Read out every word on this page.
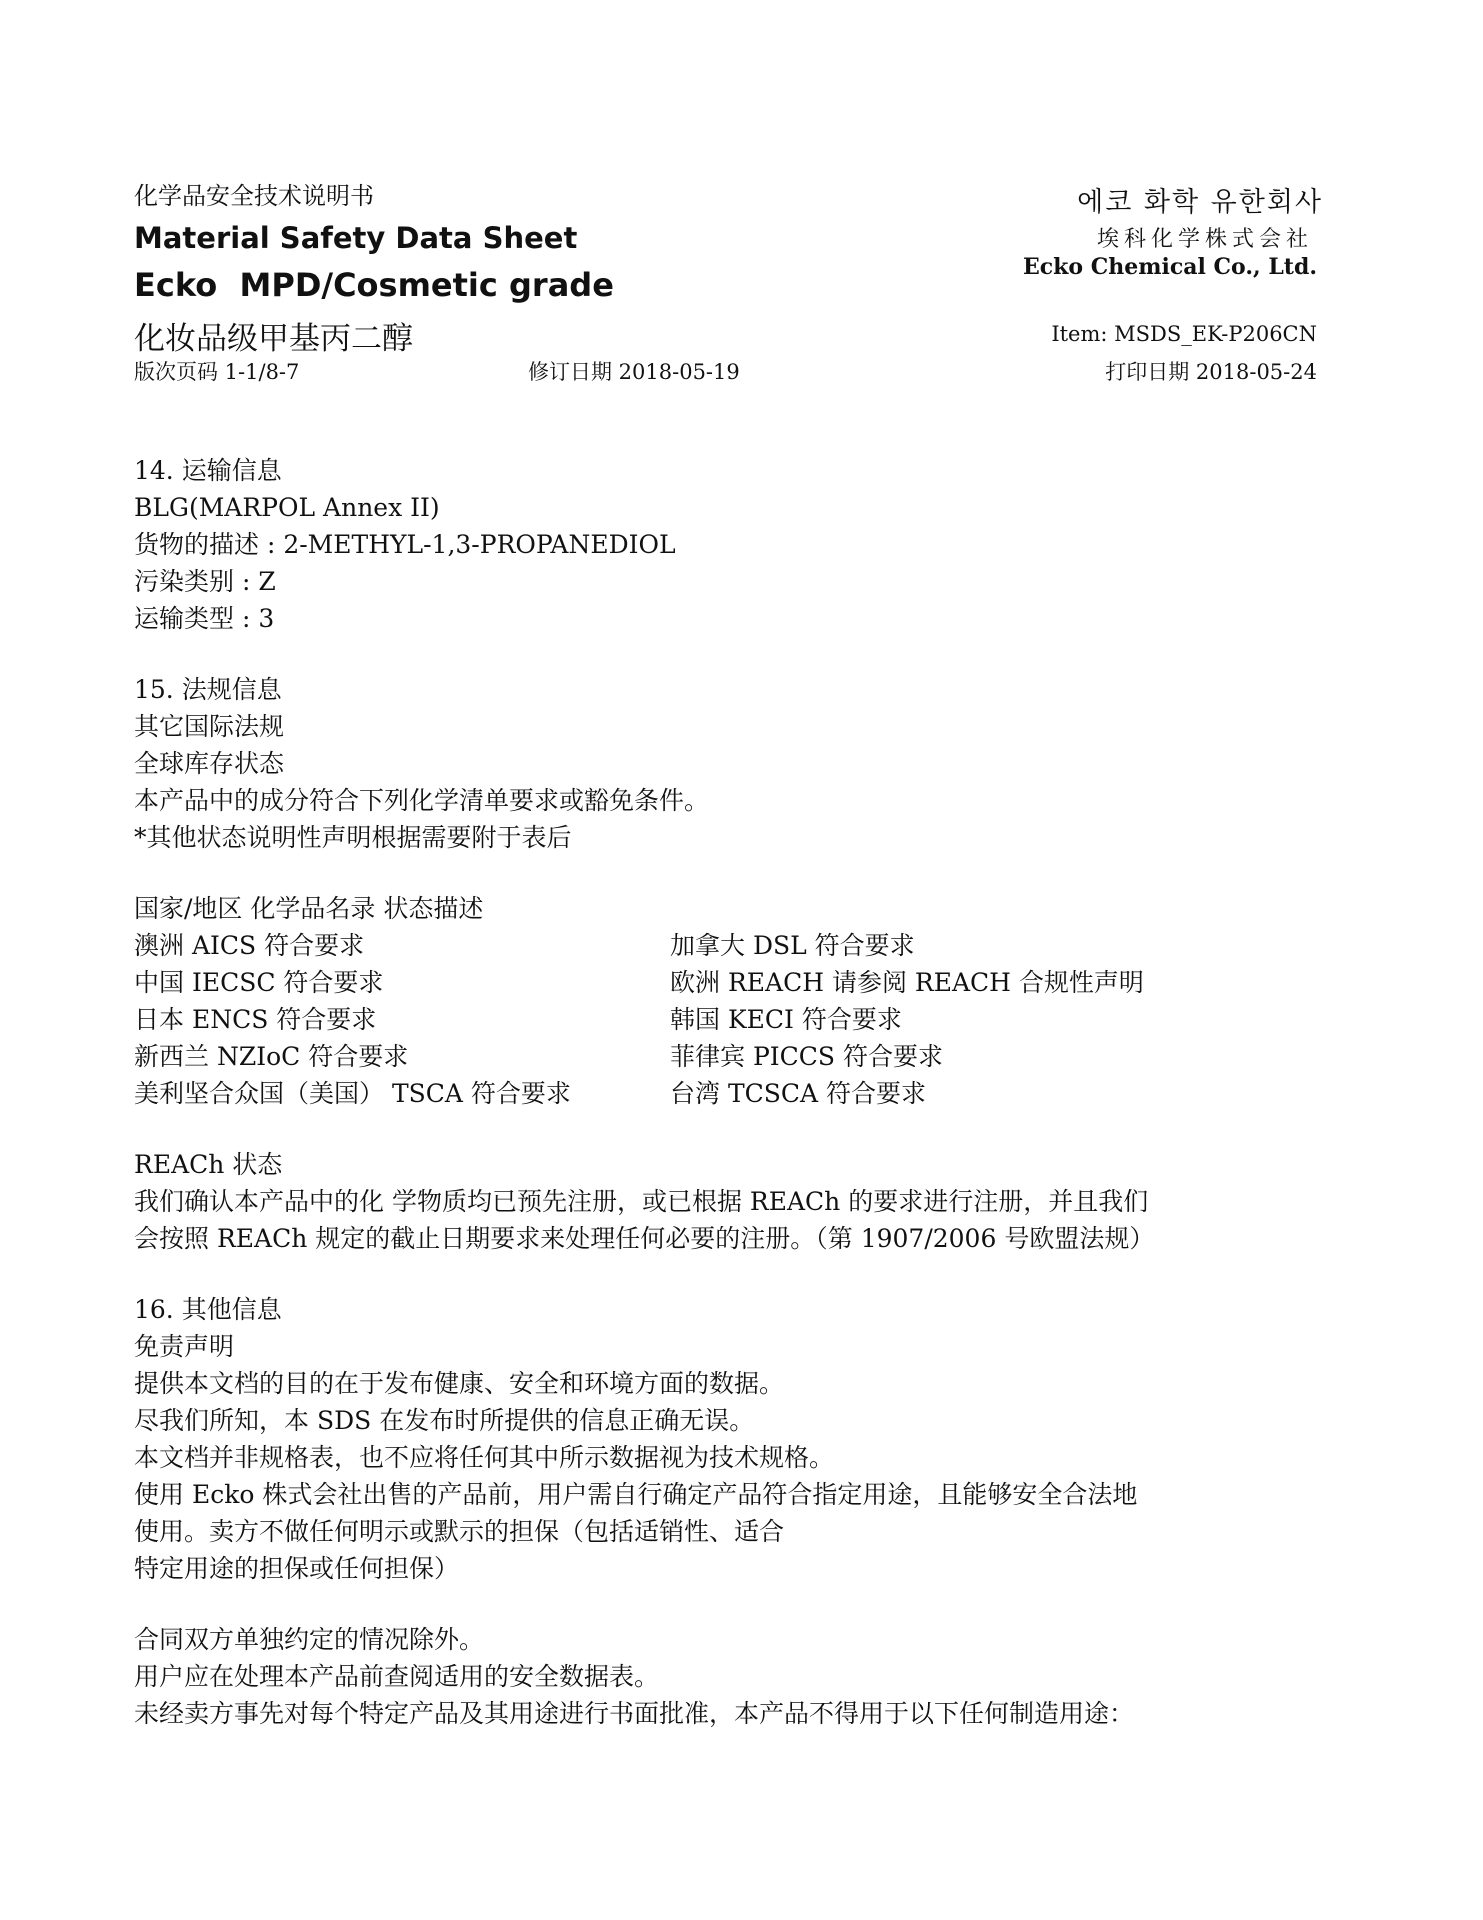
化学品安全技术说明书
Material Safety Data Sheet
Ecko  MPD/Cosmetic grade
化妆品级甲基丙二醇
版次页码 1-1/8-7	修订日期 2018-05-19	打印日期 2018-05-24
에코 화학 유한회사
埃科化学株式会社
Ecko Chemical Co., Ltd.
Item: MSDS_EK-P206CN
14. 运输信息
BLG(MARPOL Annex II)
货物的描述 : 2-METHYL-1,3-PROPANEDIOL
污染类别 : Z
运输类型 : 3
15. 法规信息
其它国际法规
全球库存状态
本产品中的成分符合下列化学清单要求或豁免条件。
*其他状态说明性声明根据需要附于表后
国家/地区 化学品名录 状态描述
澳洲 AICS 符合要求
中国 IECSC 符合要求
日本 ENCS 符合要求
新西兰 NZIoC 符合要求
美利坚合众国（美国） TSCA 符合要求
加拿大 DSL 符合要求
欧洲 REACH 请参阅 REACH 合规性声明
韩国 KECI 符合要求
菲律宾 PICCS 符合要求
台湾 TCSCA 符合要求
REACh 状态
我们确认本产品中的化 学物质均已预先注册，或已根据 REACh 的要求进行注册，并且我们
会按照 REACh 规定的截止日期要求来处理任何必要的注册。（第 1907/2006 号欧盟法规）
16. 其他信息
免责声明
提供本文档的目的在于发布健康、安全和环境方面的数据。
尽我们所知，本 SDS 在发布时所提供的信息正确无误。
本文档并非规格表，也不应将任何其中所示数据视为技术规格。
使用 Ecko 株式会社出售的产品前，用户需自行确定产品符合指定用途，且能够安全合法地
使用。卖方不做任何明示或默示的担保（包括适销性、适合
特定用途的担保或任何担保）
合同双方单独约定的情况除外。
用户应在处理本产品前查阅适用的安全数据表。
未经卖方事先对每个特定产品及其用途进行书面批准，本产品不得用于以下任何制造用途：
